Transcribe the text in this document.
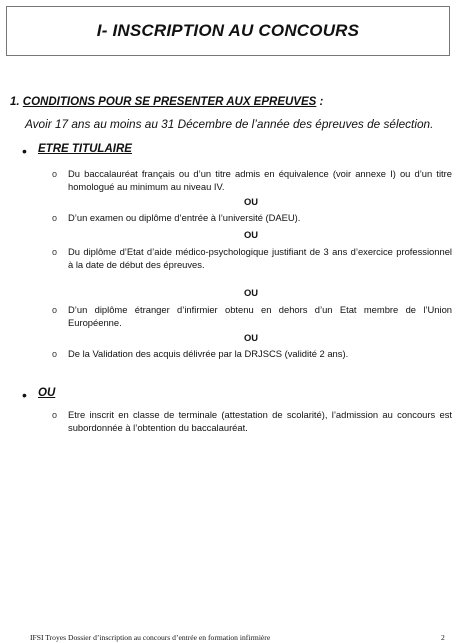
I- INSCRIPTION AU CONCOURS
1. CONDITIONS POUR SE PRESENTER AUX EPREUVES :
Avoir 17 ans au moins au 31 Décembre de l’année des épreuves de sélection.
• ETRE TITULAIRE
o Du baccalauréat français ou d’un titre admis en équivalence (voir annexe I) ou d’un titre homologué au minimum au niveau IV.
OU
o D’un examen ou diplôme d’entrée à l’université (DAEU).
OU
o Du diplôme d’Etat d’aide médico-psychologique justifiant de 3 ans d’exercice professionnel à la date de début des épreuves.
OU
o D’un diplôme étranger d’infirmier obtenu en dehors d’un Etat membre de l’Union Européenne.
OU
o De la Validation des acquis délivrée par la DRJSCS (validité 2 ans).
• OU
o Etre inscrit en classe de terminale (attestation de scolarité), l’admission au concours est subordonnée à l’obtention du baccalauréat.
IFSI Troyes Dossier d’inscription au concours d’entrée en formation infirmière	2
